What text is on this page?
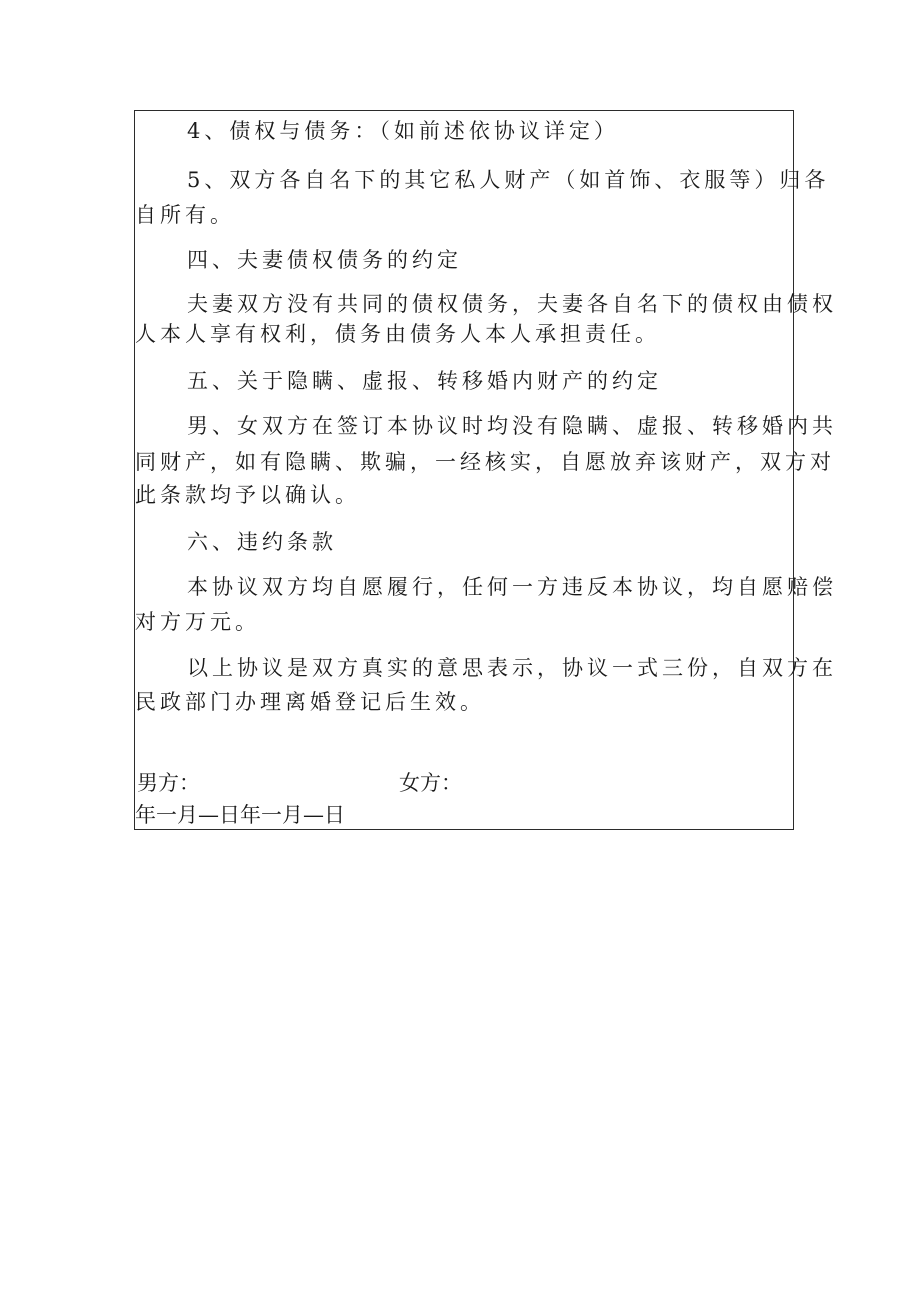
4、债权与债务：（如前述依协议详定）

5、双方各自名下的其它私人财产（如首饰、衣服等）归各

自所有。

四、夫妻债权债务的约定

夫妻双方没有共同的债权债务，夫妻各自名下的债权由债权

人本人享有权利，债务由债务人本人承担责任。

五、关于隐瞒、虚报、转移婚内财产的约定

男、女双方在签订本协议时均没有隐瞒、虚报、转移婚内共

同财产，如有隐瞒、欺骗，一经核实，自愿放弃该财产，双方对

此条款均予以确认。

六、违约条款

本协议双方均自愿履行，任何一方违反本协议，均自愿赔偿

对方万元。

以上协议是双方真实的意思表示，协议一式三份，自双方在

民政部门办理离婚登记后生效。

男方：	女方：

年一月—日年一月—日
